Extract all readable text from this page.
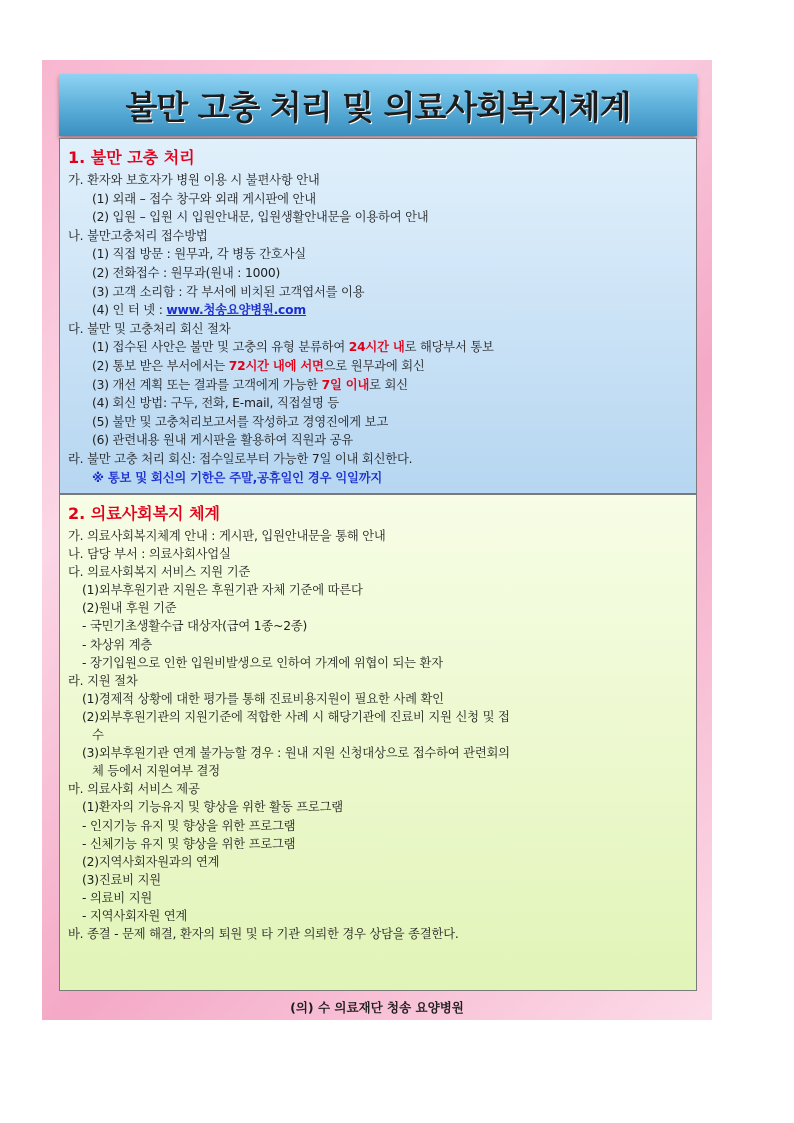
불만 고충 처리 및 의료사회복지체계
1. 불만 고충 처리
가. 환자와 보호자가 병원 이용 시 불편사항 안내
(1) 외래 – 접수 창구와 외래 게시판에 안내
(2) 입원 – 입원 시 입원안내문, 입원생활안내문을 이용하여 안내
나. 불만고충처리 접수방법
(1) 직접 방문 : 원무과, 각 병동 간호사실
(2) 전화접수 : 원무과(원내 : 1000)
(3) 고객 소리함 : 각 부서에 비치된 고객엽서를 이용
(4) 인 터 넷 : www.청송요양병원.com
다. 불만 및 고충처리 회신 절차
(1) 접수된 사안은 불만 및 고충의 유형 분류하여 24시간 내로 해당부서 통보
(2) 통보 받은 부서에서는 72시간 내에 서면으로 원무과에 회신
(3) 개선 계획 또는 결과를 고객에게 가능한 7일 이내로 회신
(4) 회신 방법: 구두, 전화, E-mail, 직접설명 등
(5) 불만 및 고충처리보고서를 작성하고 경영진에게 보고
(6) 관련내용 원내 게시판을 활용하여 직원과 공유
라. 불만 고충 처리 회신: 접수일로부터 가능한 7일 이내 회신한다.
※ 통보 및 회신의 기한은 주말,공휴일인 경우 익일까지
2. 의료사회복지 체계
가. 의료사회복지체계 안내 : 게시판, 입원안내문을 통해 안내
나. 담당 부서 : 의료사회사업실
다. 의료사회복지 서비스 지원 기준
(1)외부후원기관 지원은 후원기관 자체 기준에 따른다
(2)원내 후원 기준
- 국민기초생활수급 대상자(급여 1종~2종)
- 차상위 계층
- 장기입원으로 인한 입원비발생으로 인하여 가계에 위협이 되는 환자
라. 지원 절차
(1)경제적 상황에 대한 평가를 통해 진료비용지원이 필요한 사례 확인
(2)외부후원기관의 지원기준에 적합한 사례 시 해당기관에 진료비 지원 신청 및 접
수
(3)외부후원기관 연계 불가능할 경우 : 원내 지원 신청대상으로 접수하여 관련회의
체 등에서 지원여부 결정
마. 의료사회 서비스 제공
(1)환자의 기능유지 및 향상을 위한 활동 프로그램
- 인지기능 유지 및 향상을 위한 프로그램
- 신체기능 유지 및 향상을 위한 프로그램
(2)지역사회자원과의 연계
(3)진료비 지원
- 의료비 지원
- 지역사회자원 연계
바. 종결 - 문제 해결, 환자의 퇴원 및 타 기관 의뢰한 경우 상담을 종결한다.
(의) 수 의료재단 청송 요양병원
